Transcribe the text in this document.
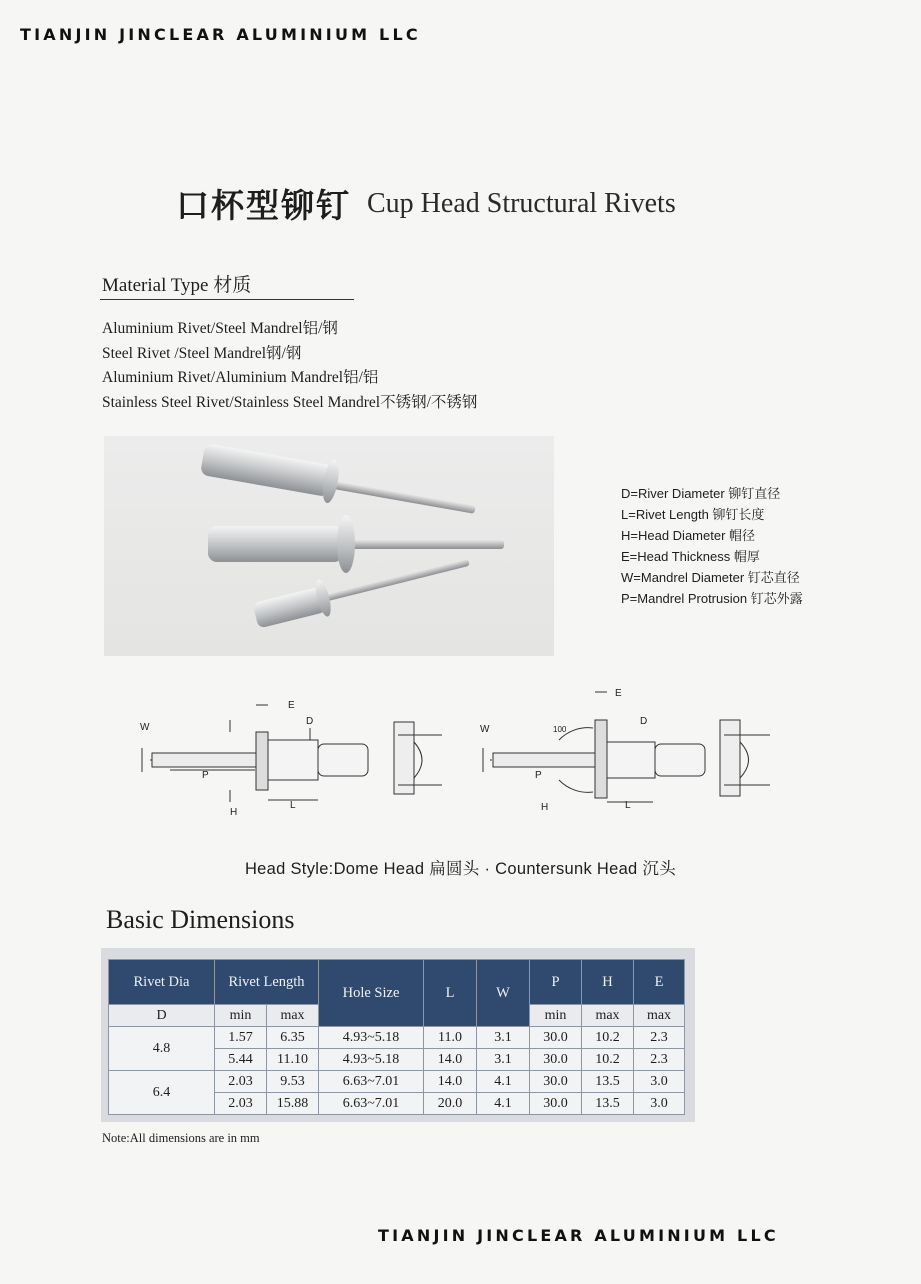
TIANJIN JINCLEAR ALUMINIUM LLC
口杯型铆钉 Cup Head Structural Rivets
Material Type 材质
Aluminium Rivet/Steel Mandrel铝/钢
Steel Rivet /Steel Mandrel钢/钢
Aluminium Rivet/Aluminium Mandrel铝/铝
Stainless Steel Rivet/Stainless Steel Mandrel不锈钢/不锈钢
D=River Diameter 铆钉直径
L=Rivet Length 铆钉长度
H=Head Diameter 帽径
E=Head Thickness 帽厚
W=Mandrel Diameter 钉芯直径
P=Mandrel Protrusion 钉芯外露
W
P
H
E
D
L
W
P
H
E
D
L
100
Head Style:Dome Head 扁圆头 · Countersunk Head 沉头
Basic Dimensions
Rivet Dia	Rivet Length		Hole Size	L	W	P	H	E
D	min	max				min	max	max
4.8	1.57	6.35	4.93~5.18	11.0	3.1	30.0	10.2	2.3
	5.44	11.10	4.93~5.18	14.0	3.1	30.0	10.2	2.3
6.4	2.03	9.53	6.63~7.01	14.0	4.1	30.0	13.5	3.0
	2.03	15.88	6.63~7.01	20.0	4.1	30.0	13.5	3.0
Note:All dimensions are in mm
TIANJIN JINCLEAR ALUMINIUM LLC
